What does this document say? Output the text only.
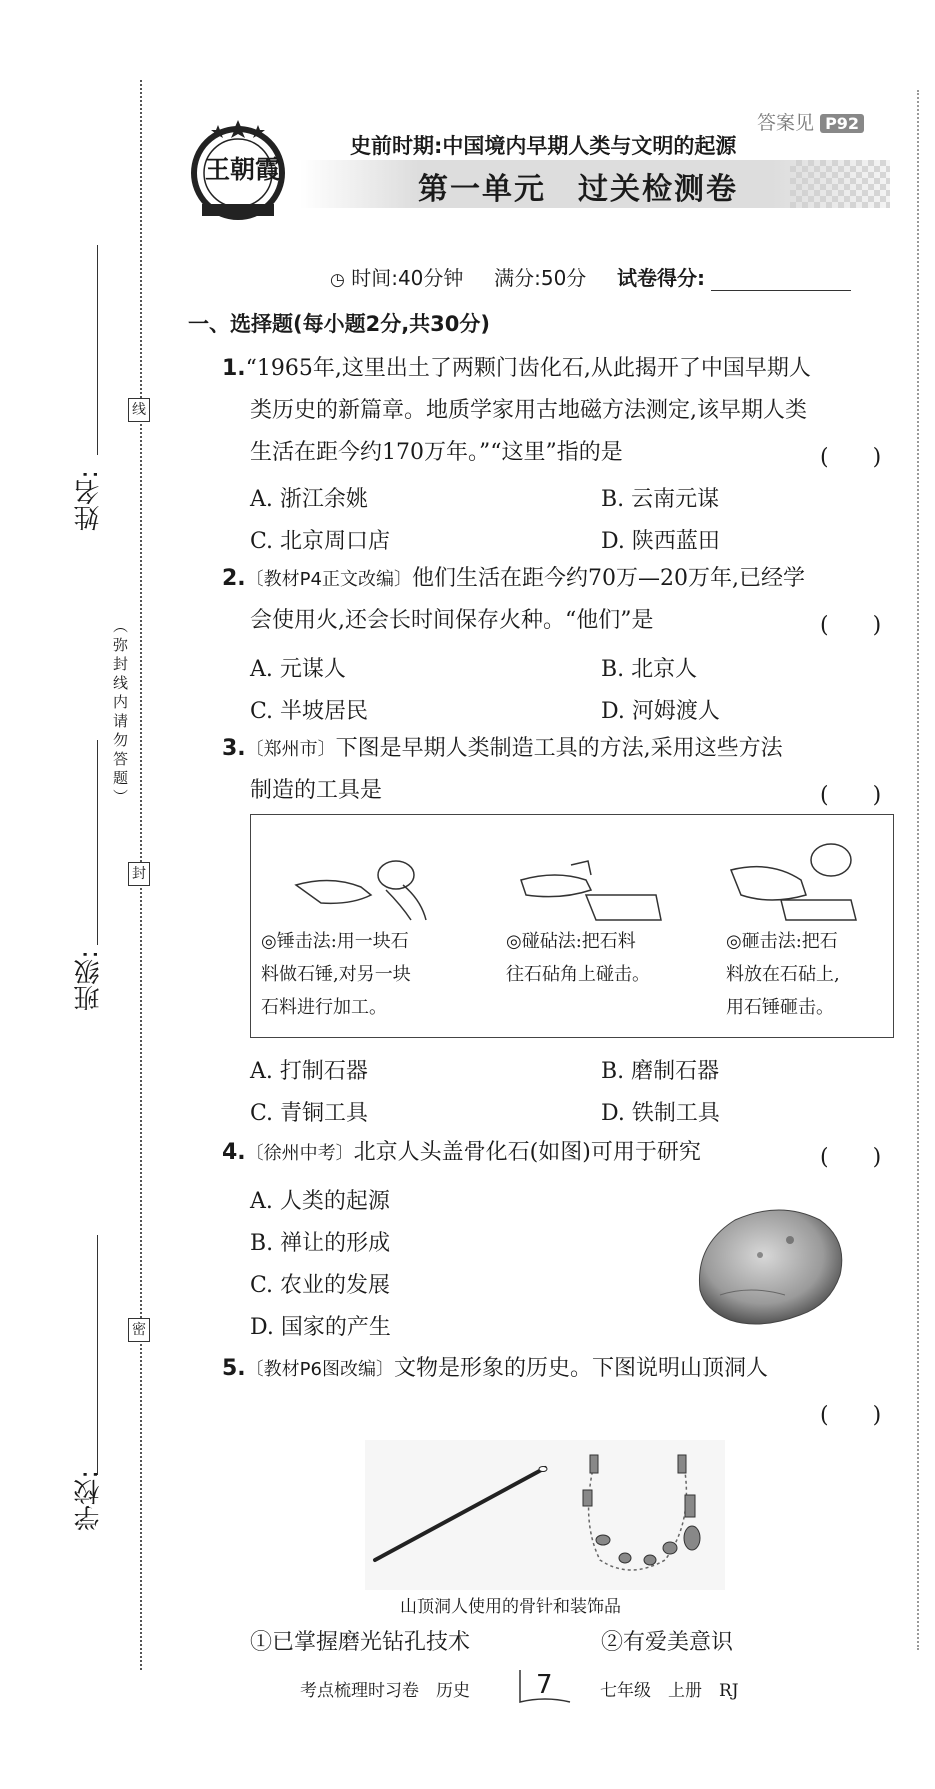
姓名:
班级:
学校:
线
封
密
（弥封线内请勿答题）
王朝霞
答案见 P92
史前时期:中国境内早期人类与文明的起源
第一单元　过关检测卷
◷ 时间:40分钟 满分:50分 试卷得分:
一、选择题(每小题2分,共30分)
1.“1965年,这里出土了两颗门齿化石,从此揭开了中国早期人
类历史的新篇章。地质学家用古地磁方法测定,该早期人类
生活在距今约170万年。”“这里”指的是	(　　)
A. 浙江余姚	B. 云南元谋
C. 北京周口店	D. 陕西蓝田
2.〔教材P4正文改编〕他们生活在距今约70万—20万年,已经学
会使用火,还会长时间保存火种。“他们”是	(　　)
A. 元谋人	B. 北京人
C. 半坡居民	D. 河姆渡人
3.〔郑州市〕下图是早期人类制造工具的方法,采用这些方法
制造的工具是	(　　)
◎锤击法:用一块石
料做石锤,对另一块
石料进行加工。
◎碰砧法:把石料
往石砧角上碰击。
◎砸击法:把石
料放在石砧上,
用石锤砸击。
A. 打制石器	B. 磨制石器
C. 青铜工具	D. 铁制工具
4.〔徐州中考〕北京人头盖骨化石(如图)可用于研究	(　　)
A. 人类的起源
B. 禅让的形成
C. 农业的发展
D. 国家的产生
5.〔教材P6图改编〕文物是形象的历史。下图说明山顶洞人
(　　)
山顶洞人使用的骨针和装饰品
①已掌握磨光钻孔技术	②有爱美意识
考点梳理时习卷　历史	7	七年级　上册　RJ
